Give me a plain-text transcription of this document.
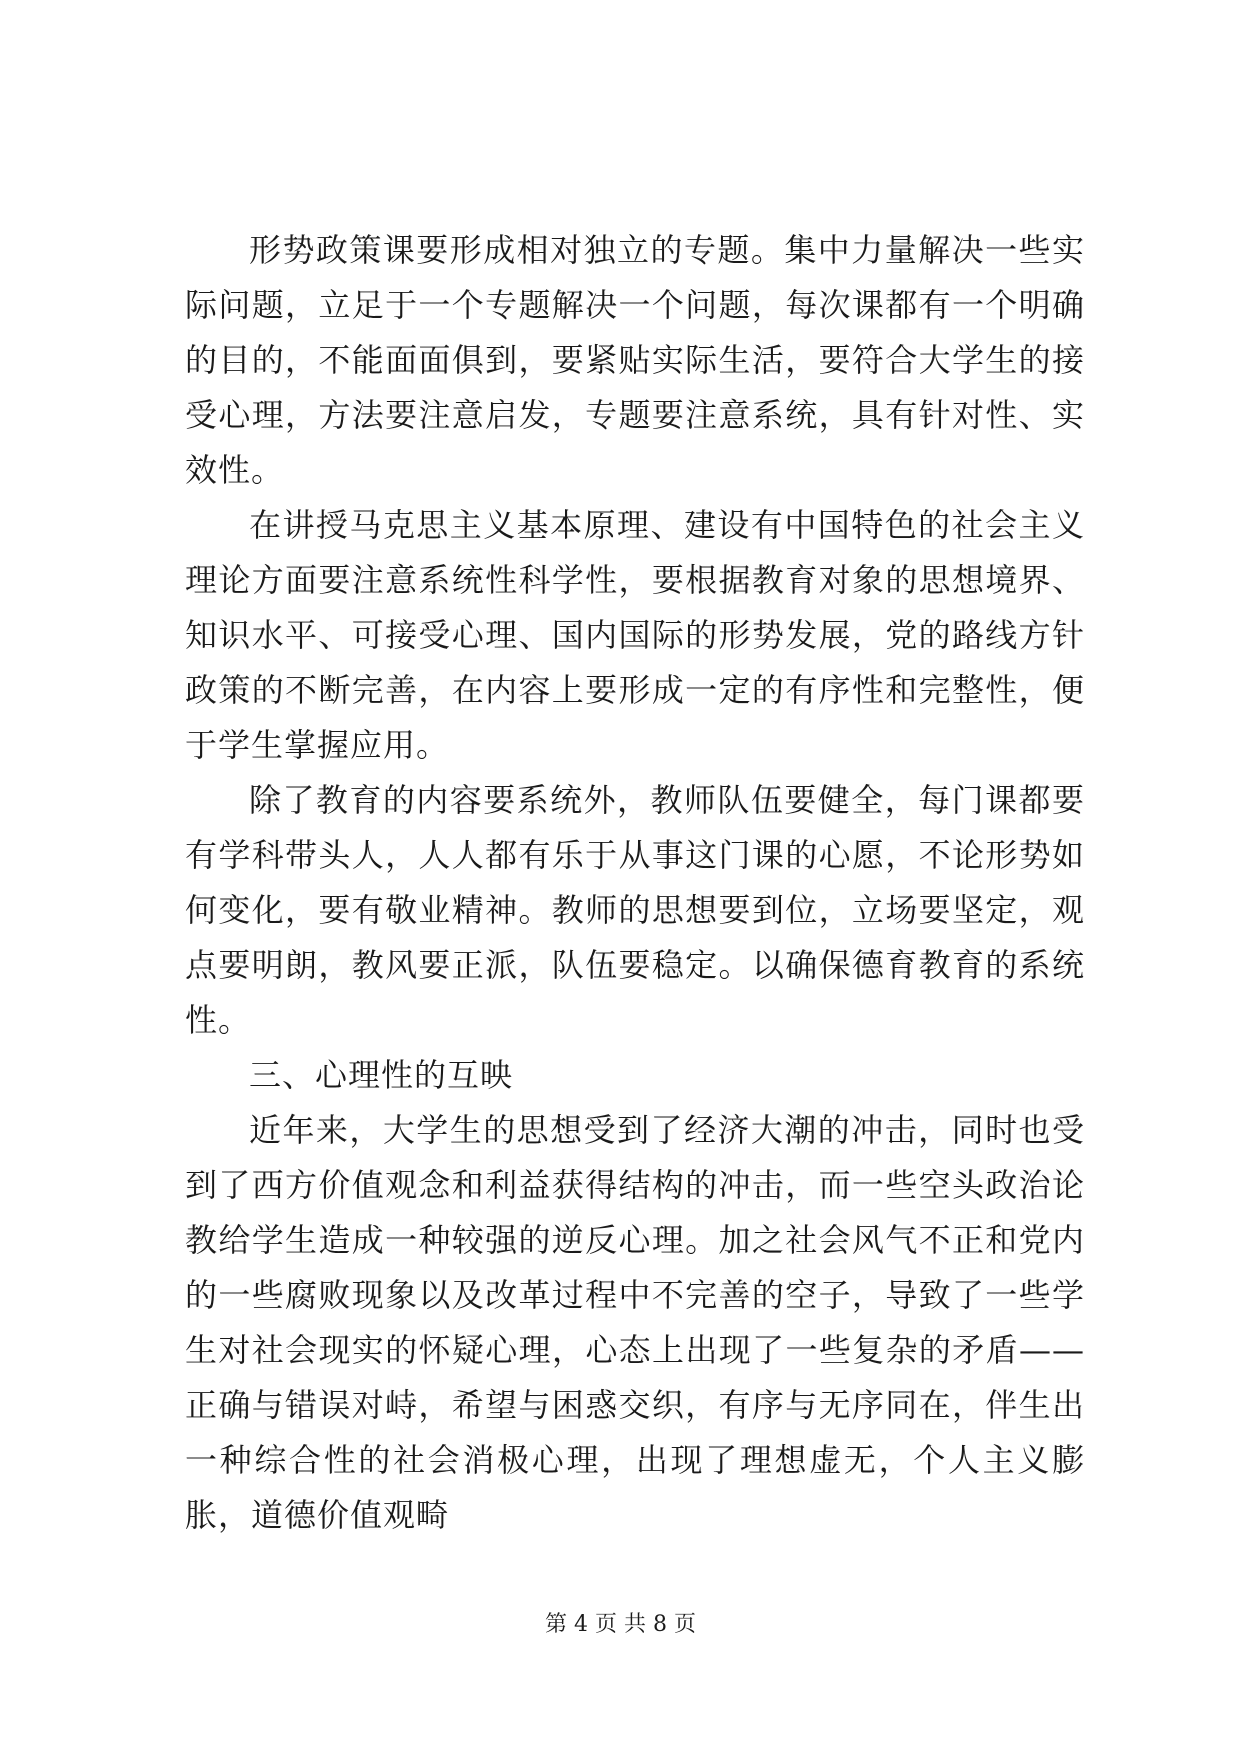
形势政策课要形成相对独立的专题。集中力量解决一些实际问题，立足于一个专题解决一个问题，每次课都有一个明确的目的，不能面面俱到，要紧贴实际生活，要符合大学生的接受心理，方法要注意启发，专题要注意系统，具有针对性、实效性。

在讲授马克思主义基本原理、建设有中国特色的社会主义理论方面要注意系统性科学性，要根据教育对象的思想境界、知识水平、可接受心理、国内国际的形势发展，党的路线方针政策的不断完善，在内容上要形成一定的有序性和完整性，便于学生掌握应用。

除了教育的内容要系统外，教师队伍要健全，每门课都要有学科带头人，人人都有乐于从事这门课的心愿，不论形势如何变化，要有敬业精神。教师的思想要到位，立场要坚定，观点要明朗，教风要正派，队伍要稳定。以确保德育教育的系统性。

三、心理性的互映

近年来，大学生的思想受到了经济大潮的冲击，同时也受到了西方价值观念和利益获得结构的冲击，而一些空头政治论教给学生造成一种较强的逆反心理。加之社会风气不正和党内的一些腐败现象以及改革过程中不完善的空子，导致了一些学生对社会现实的怀疑心理，心态上出现了一些复杂的矛盾——正确与错误对峙，希望与困惑交织，有序与无序同在，伴生出一种综合性的社会消极心理，出现了理想虚无，个人主义膨胀，道德价值观畸

第 4 页 共 8 页
